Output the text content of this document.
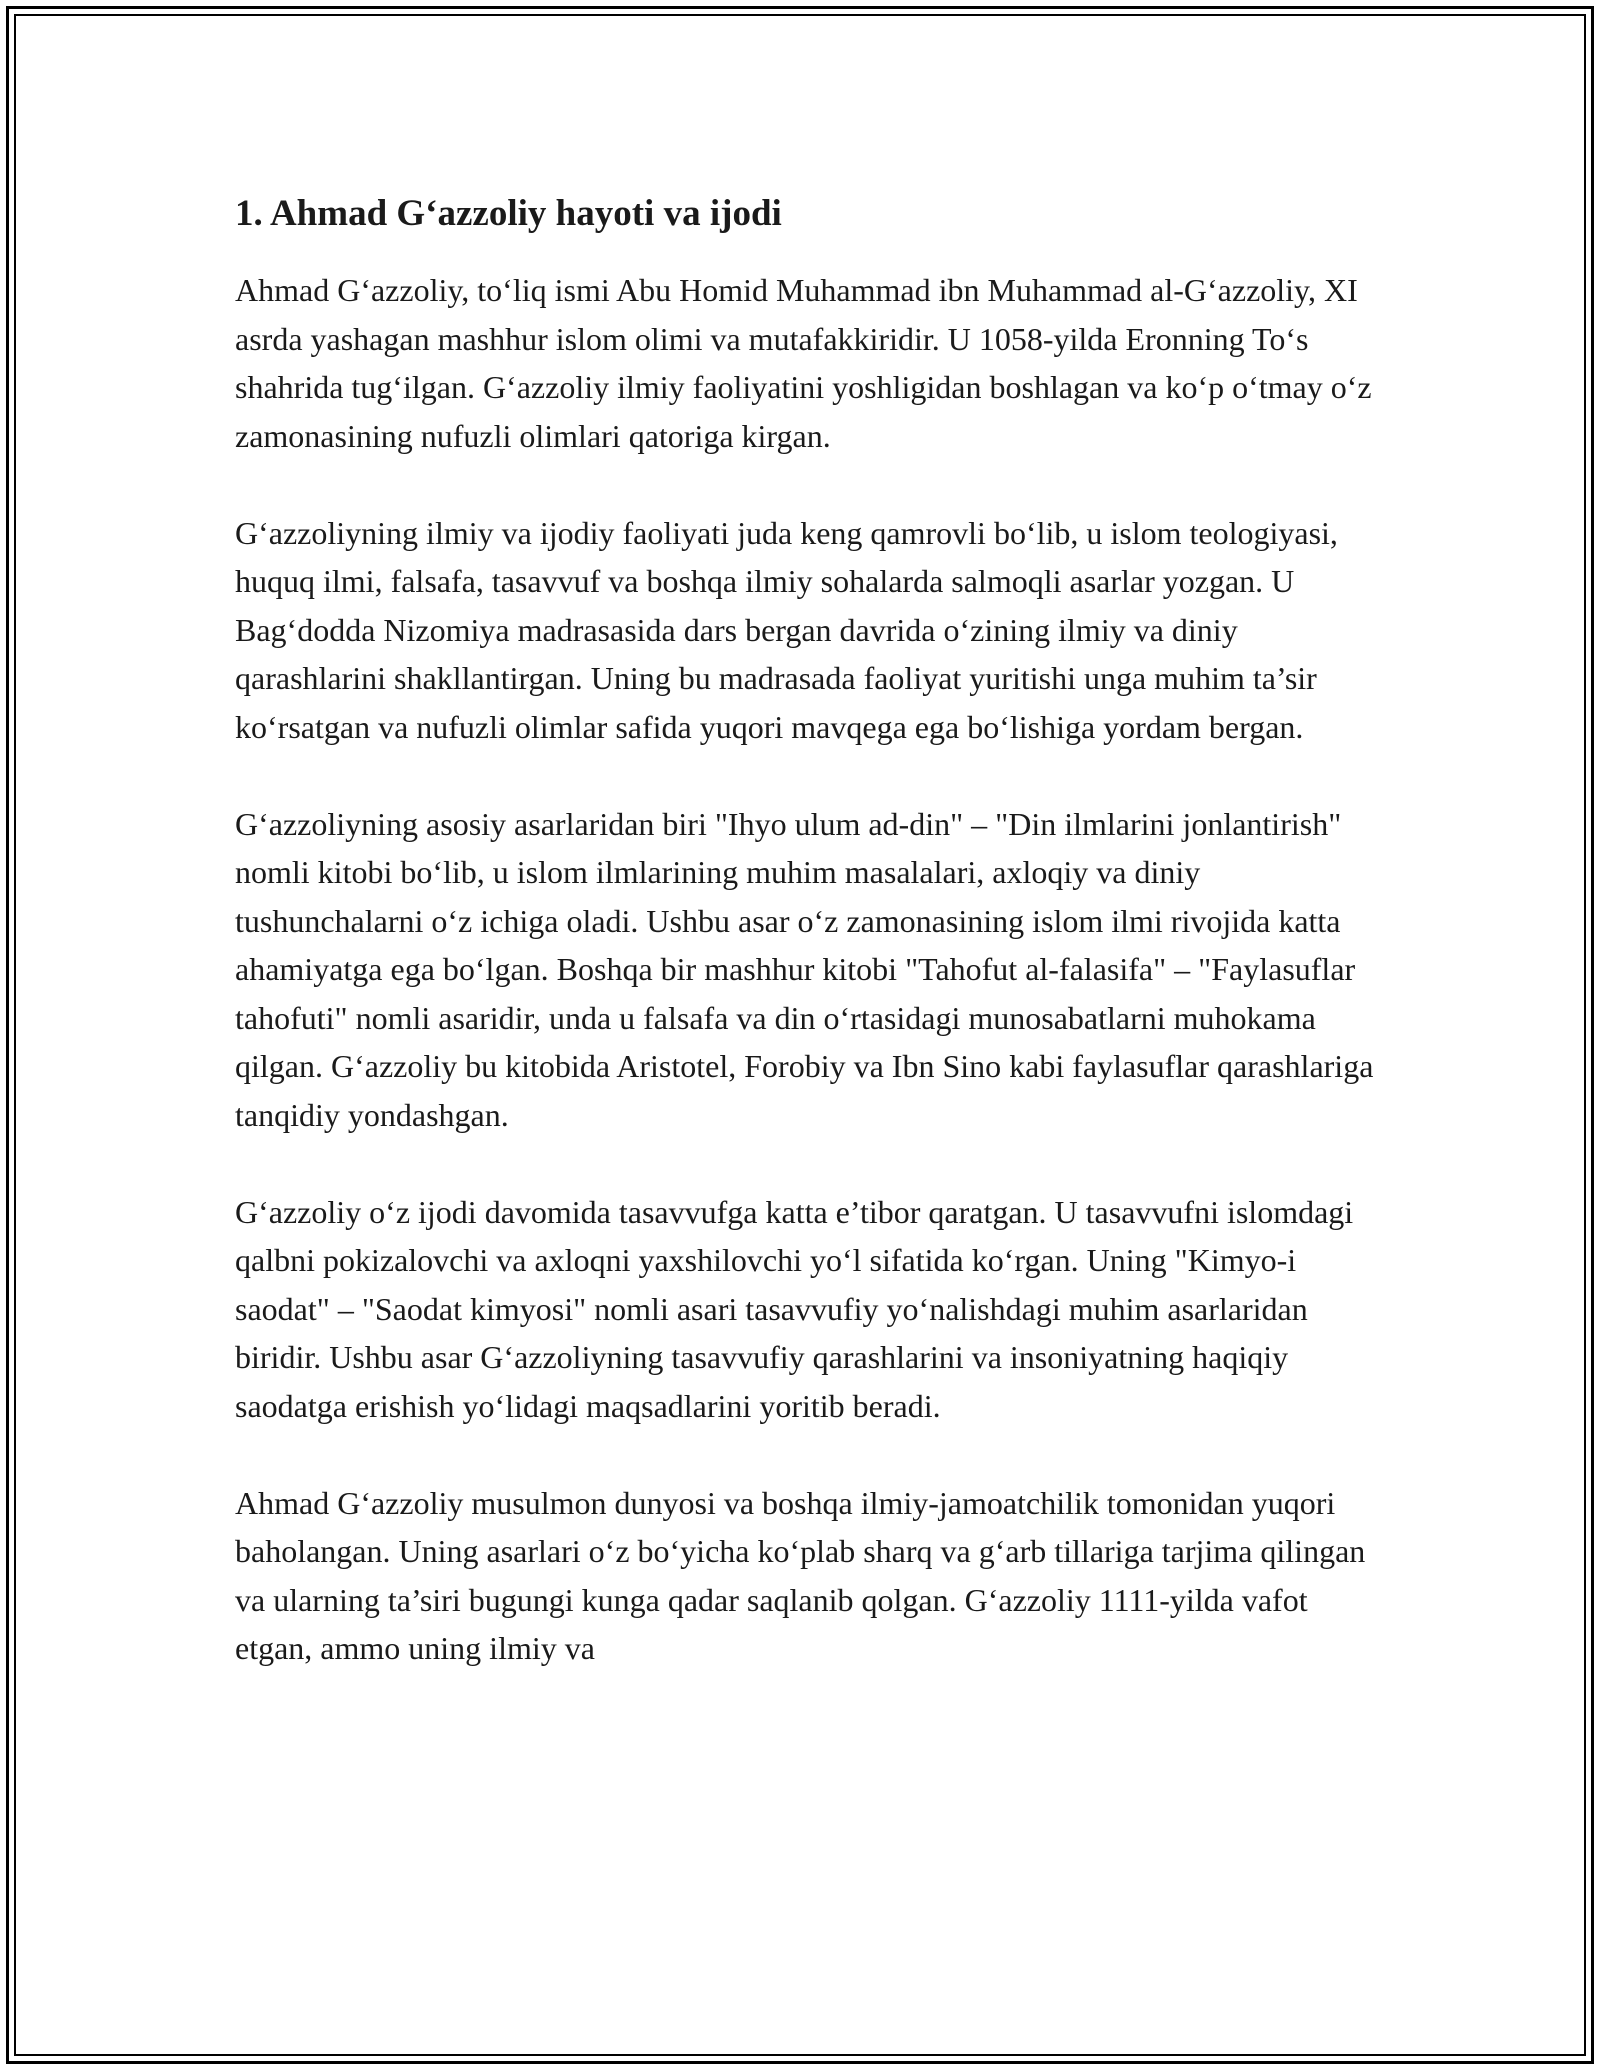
1. Ahmad G‘azzoliy hayoti va ijodi

Ahmad G‘azzoliy, to‘liq ismi Abu Homid Muhammad ibn Muhammad al-G‘azzoliy, XI asrda yashagan mashhur islom olimi va mutafakkiridir. U 1058-yilda Eronning To‘s shahrida tug‘ilgan. G‘azzoliy ilmiy faoliyatini yoshligidan boshlagan va ko‘p o‘tmay o‘z zamonasining nufuzli olimlari qatoriga kirgan.

G‘azzoliyning ilmiy va ijodiy faoliyati juda keng qamrovli bo‘lib, u islom teologiyasi, huquq ilmi, falsafa, tasavvuf va boshqa ilmiy sohalarda salmoqli asarlar yozgan. U Bag‘dodda Nizomiya madrasasida dars bergan davrida o‘zining ilmiy va diniy qarashlarini shakllantirgan. Uning bu madrasada faoliyat yuritishi unga muhim ta’sir ko‘rsatgan va nufuzli olimlar safida yuqori mavqega ega bo‘lishiga yordam bergan.

G‘azzoliyning asosiy asarlaridan biri "Ihyo ulum ad-din" – "Din ilmlarini jonlantirish" nomli kitobi bo‘lib, u islom ilmlarining muhim masalalari, axloqiy va diniy tushunchalarni o‘z ichiga oladi. Ushbu asar o‘z zamonasining islom ilmi rivojida katta ahamiyatga ega bo‘lgan. Boshqa bir mashhur kitobi "Tahofut al-falasifa" – "Faylasuflar tahofuti" nomli asaridir, unda u falsafa va din o‘rtasidagi munosabatlarni muhokama qilgan. G‘azzoliy bu kitobida Aristotel, Forobiy va Ibn Sino kabi faylasuflar qarashlariga tanqidiy yondashgan.

G‘azzoliy o‘z ijodi davomida tasavvufga katta e’tibor qaratgan. U tasavvufni islomdagi qalbni pokizalovchi va axloqni yaxshilovchi yo‘l sifatida ko‘rgan. Uning "Kimyo-i saodat" – "Saodat kimyosi" nomli asari tasavvufiy yo‘nalishdagi muhim asarlaridan biridir. Ushbu asar G‘azzoliyning tasavvufiy qarashlarini va insoniyatning haqiqiy saodatga erishish yo‘lidagi maqsadlarini yoritib beradi.

Ahmad G‘azzoliy musulmon dunyosi va boshqa ilmiy-jamoatchilik tomonidan yuqori baholangan. Uning asarlari o‘z bo‘yicha ko‘plab sharq va g‘arb tillariga tarjima qilingan va ularning ta’siri bugungi kunga qadar saqlanib qolgan. G‘azzoliy 1111-yilda vafot etgan, ammo uning ilmiy va
